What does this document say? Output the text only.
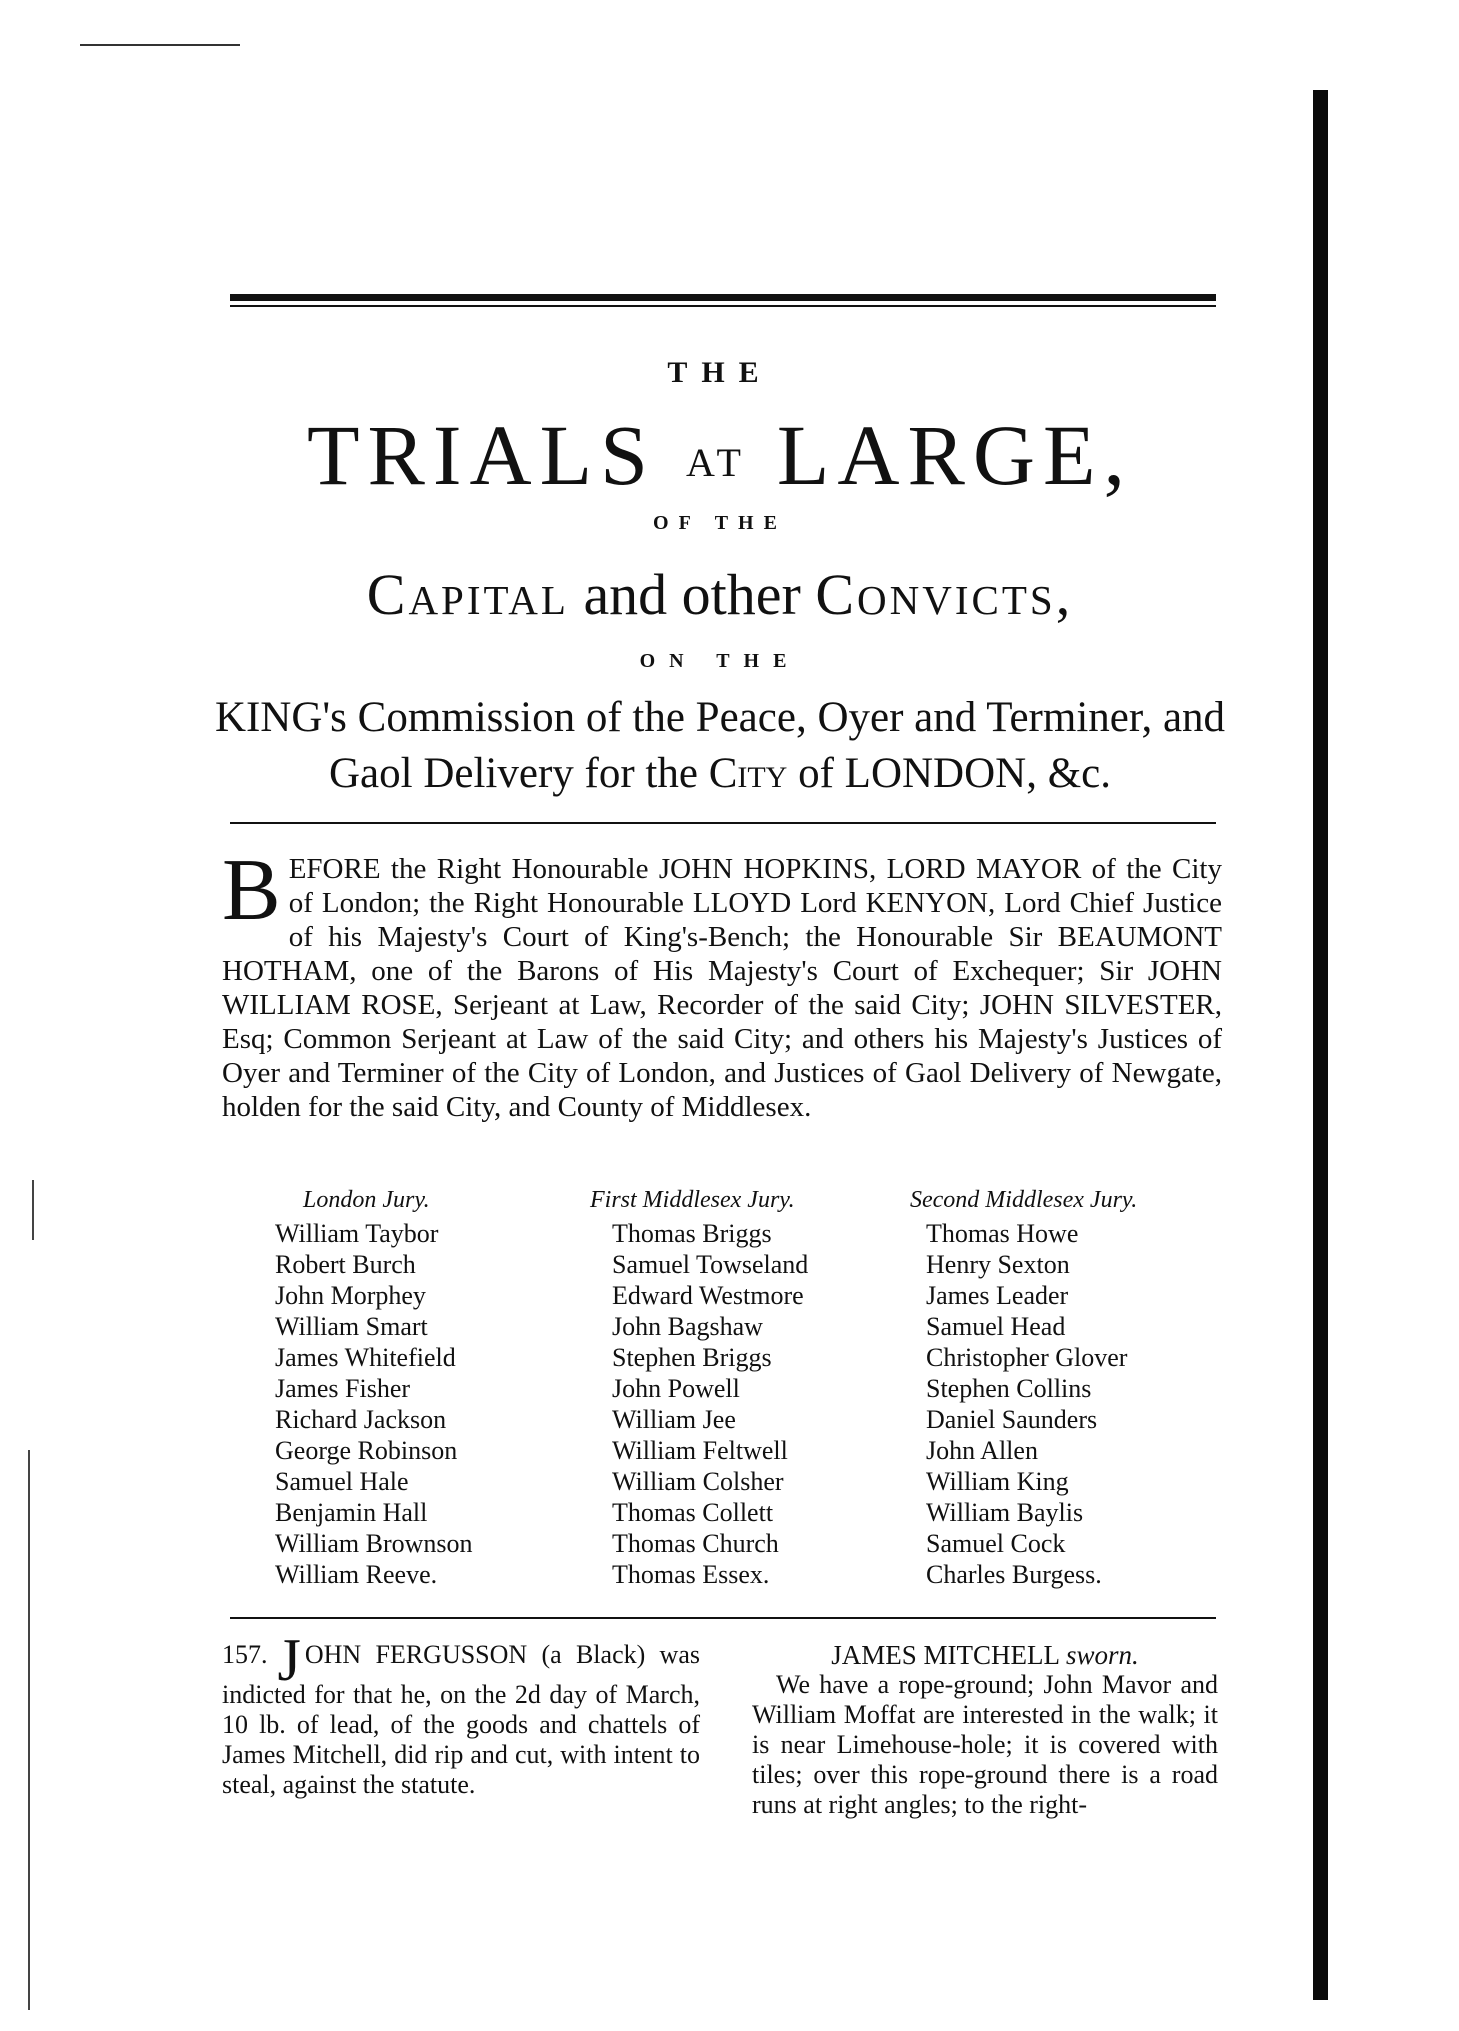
THE
TRIALS AT LARGE,
OF THE
Capital and other Convicts,
ON THE
KING's Commission of the Peace, Oyer and Terminer, and
Gaol Delivery for the City of LONDON, &c.
BEFORE the Right Honourable JOHN HOPKINS, LORD MAYOR of the City of London; the Right Honourable LLOYD Lord KENYON, Lord Chief Justice of his Majesty's Court of King's-Bench; the Honourable Sir BEAUMONT HOTHAM, one of the Barons of His Majesty's Court of Exchequer; Sir JOHN WILLIAM ROSE, Serjeant at Law, Recorder of the said City; JOHN SILVESTER, Esq; Common Serjeant at Law of the said City; and others his Majesty's Justices of Oyer and Terminer of the City of London, and Justices of Gaol Delivery of Newgate, holden for the said City, and County of Middlesex.
London Jury.
William Taybor
Robert Burch
John Morphey
William Smart
James Whitefield
James Fisher
Richard Jackson
George Robinson
Samuel Hale
Benjamin Hall
William Brownson
William Reeve.
First Middlesex Jury.
Thomas Briggs
Samuel Towseland
Edward Westmore
John Bagshaw
Stephen Briggs
John Powell
William Jee
William Feltwell
William Colsher
Thomas Collett
Thomas Church
Thomas Essex.
Second Middlesex Jury.
Thomas Howe
Henry Sexton
James Leader
Samuel Head
Christopher Glover
Stephen Collins
Daniel Saunders
John Allen
William King
William Baylis
Samuel Cock
Charles Burgess.
157. J OHN FERGUSSON (a Black) was indicted for that he, on the 2d day of March, 10 lb. of lead, of the goods and chattels of James Mitchell, did rip and cut, with intent to steal, against the statute.
JAMES MITCHELL sworn.
We have a rope-ground; John Mavor and William Moffat are interested in the walk; it is near Limehouse-hole; it is covered with tiles; over this rope-ground there is a road runs at right angles; to the right-
